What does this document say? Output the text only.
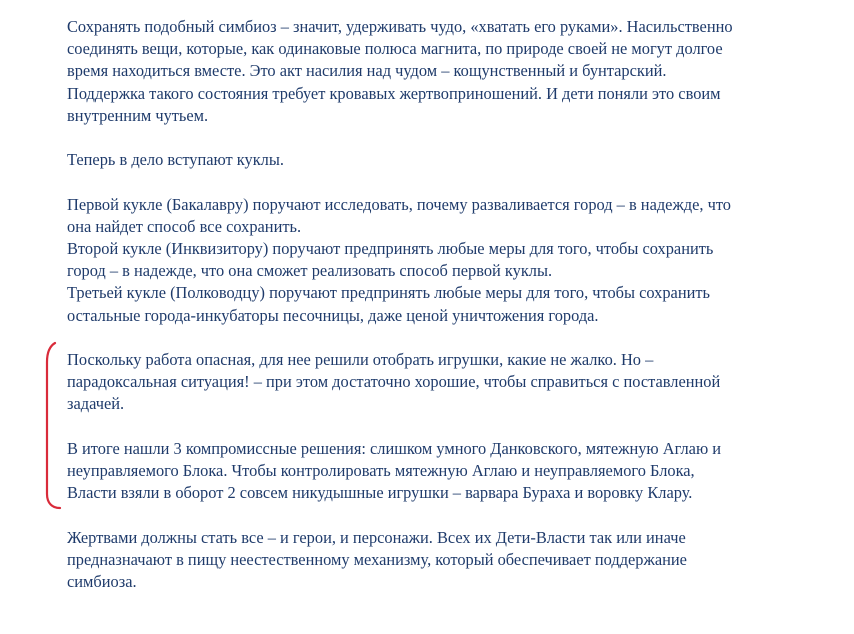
Сохранять подобный симбиоз – значит, удерживать чудо, «хватать его руками». Насильственно
соединять вещи, которые, как одинаковые полюса магнита, по природе своей не могут долгое
время находиться вместе. Это акт насилия над чудом – кощунственный и бунтарский.
Поддержка такого состояния требует кровавых жертвоприношений. И дети поняли это своим
внутренним чутьем.

Теперь в дело вступают куклы.

Первой кукле (Бакалавру) поручают исследовать, почему разваливается город – в надежде, что
она найдет способ все сохранить.

Второй кукле (Инквизитору) поручают предпринять любые меры для того, чтобы сохранить
город – в надежде, что она сможет реализовать способ первой куклы.

Третьей кукле (Полководцу) поручают предпринять любые меры для того, чтобы сохранить
остальные города-инкубаторы песочницы, даже ценой уничтожения города.

Поскольку работа опасная, для нее решили отобрать игрушки, какие не жалко. Но –
парадоксальная ситуация! – при этом достаточно хорошие, чтобы справиться с поставленной
задачей.

В итоге нашли 3 компромиссные решения: слишком умного Данковского, мятежную Аглаю и
неуправляемого Блока. Чтобы контролировать мятежную Аглаю и неуправляемого Блока,
Власти взяли в оборот 2 совсем никудышные игрушки – варвара Бураха и воровку Клару.

Жертвами должны стать все – и герои, и персонажи. Всех их Дети-Власти так или иначе
предназначают в пищу неестественному механизму, который обеспечивает поддержание
симбиоза.
